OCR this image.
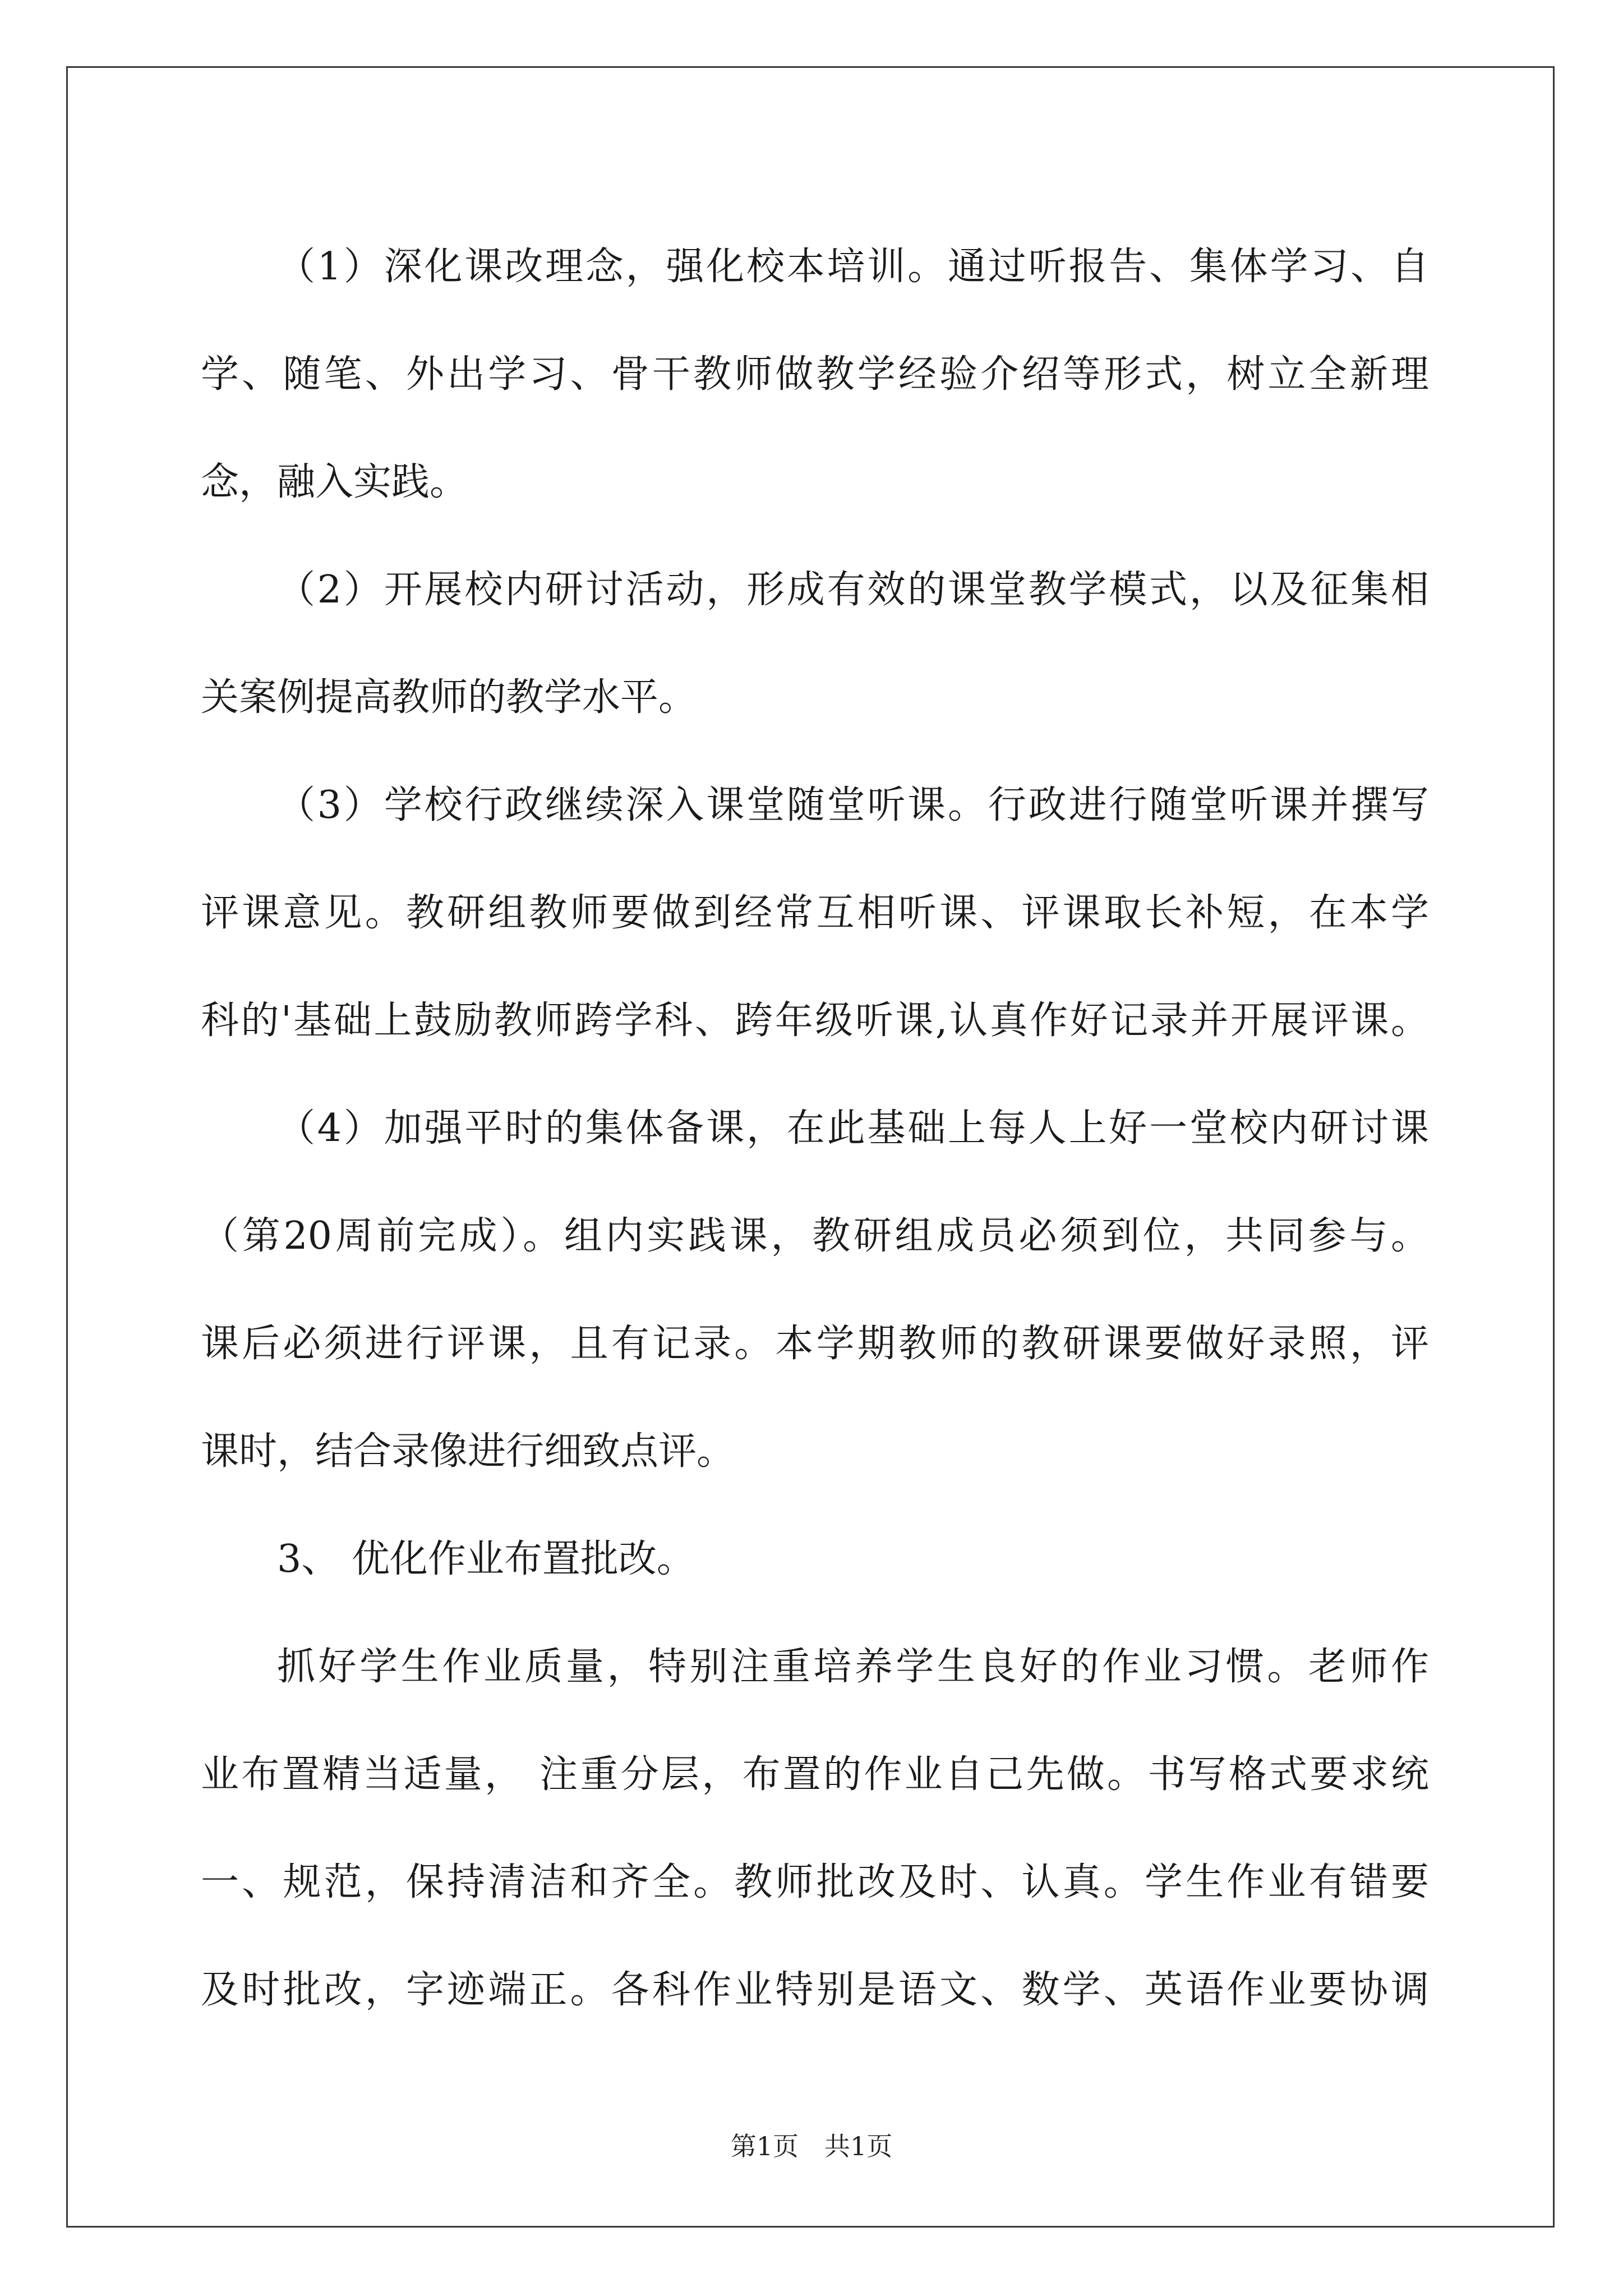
（1）深化课改理念，强化校本培训。通过听报告、集体学习、自
学、随笔、外出学习、骨干教师做教学经验介绍等形式，树立全新理
念，融入实践。
（2）开展校内研讨活动，形成有效的课堂教学模式，以及征集相
关案例提高教师的教学水平。
（3）学校行政继续深入课堂随堂听课。行政进行随堂听课并撰写
评课意见。教研组教师要做到经常互相听课、评课取长补短，在本学
科的'基础上鼓励教师跨学科、跨年级听课,认真作好记录并开展评课。
（4）加强平时的集体备课，在此基础上每人上好一堂校内研讨课
（第20周前完成）。组内实践课，教研组成员必须到位，共同参与。
课后必须进行评课，且有记录。本学期教师的教研课要做好录照，评
课时，结合录像进行细致点评。
3、 优化作业布置批改。
抓好学生作业质量，特别注重培养学生良好的作业习惯。老师作
业布置精当适量， 注重分层，布置的作业自己先做。书写格式要求统
一、规范，保持清洁和齐全。教师批改及时、认真。学生作业有错要
及时批改，字迹端正。各科作业特别是语文、数学、英语作业要协调
第1页　共1页
